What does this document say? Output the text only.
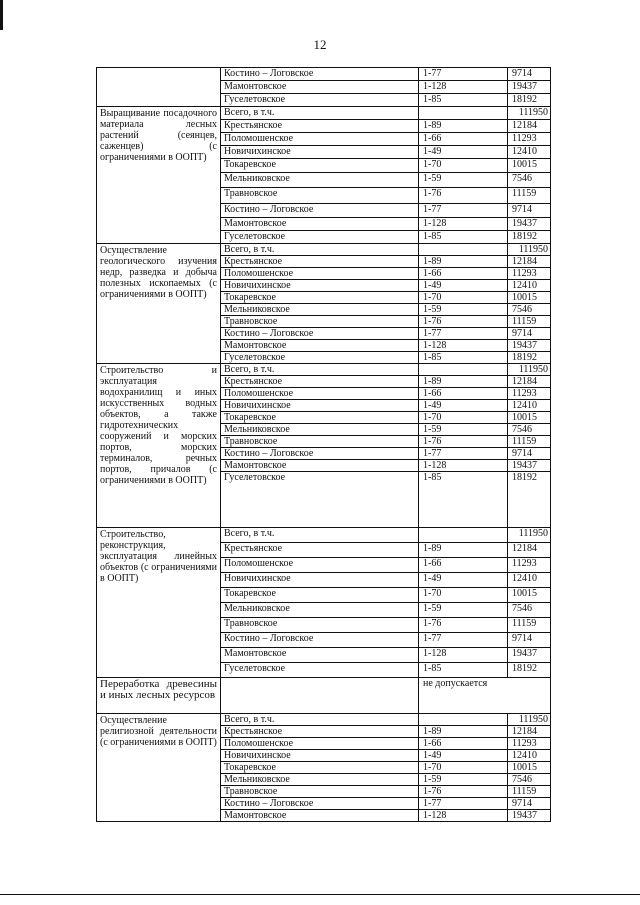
12
	Костино – Логовское	1-77	9714
	Мамонтовское	1-128	19437
	Гуселетовское	1-85	18192
Выращивание посадочного материала лесных растений (сеянцев, саженцев) (с ограничениями в ООПТ)	Всего, в т.ч.		111950
	Крестьянское	1-89	12184
	Поломошенское	1-66	11293
	Новичихинское	1-49	12410
	Токаревское	1-70	10015
	Мельниковское	1-59	7546
	Травновское	1-76	11159
	Костино – Логовское	1-77	9714
	Мамонтовское	1-128	19437
	Гуселетовское	1-85	18192
Осуществление геологического изучения недр, разведка и добыча полезных ископаемых (с ограничениями в ООПТ)	Всего, в т.ч.		111950
	Крестьянское	1-89	12184
	Поломошенское	1-66	11293
	Новичихинское	1-49	12410
	Токаревское	1-70	10015
	Мельниковское	1-59	7546
	Травновское	1-76	11159
	Костино – Логовское	1-77	9714
	Мамонтовское	1-128	19437
	Гуселетовское	1-85	18192
Строительство и эксплуатация водохранилищ и иных искусственных водных объектов, а также гидротехнических сооружений и морских портов, морских терминалов, речных портов, причалов (с ограничениями в ООПТ)	Всего, в т.ч.		111950
	Крестьянское	1-89	12184
	Поломошенское	1-66	11293
	Новичихинское	1-49	12410
	Токаревское	1-70	10015
	Мельниковское	1-59	7546
	Травновское	1-76	11159
	Костино – Логовское	1-77	9714
	Мамонтовское	1-128	19437
	Гуселетовское	1-85	18192
Строительство, реконструкция, эксплуатация линейных объектов (с ограничениями в ООПТ)	Всего, в т.ч.		111950
	Крестьянское	1-89	12184
	Поломошенское	1-66	11293
	Новичихинское	1-49	12410
	Токаревское	1-70	10015
	Мельниковское	1-59	7546
	Травновское	1-76	11159
	Костино – Логовское	1-77	9714
	Мамонтовское	1-128	19437
	Гуселетовское	1-85	18192
Переработка древесины и иных лесных ресурсов		не допускается	
Осуществление религиозной деятельности (с ограничениями в ООПТ)	Всего, в т.ч.		111950
	Крестьянское	1-89	12184
	Поломошенское	1-66	11293
	Новичихинское	1-49	12410
	Токаревское	1-70	10015
	Мельниковское	1-59	7546
	Травновское	1-76	11159
	Костино – Логовское	1-77	9714
	Мамонтовское	1-128	19437
